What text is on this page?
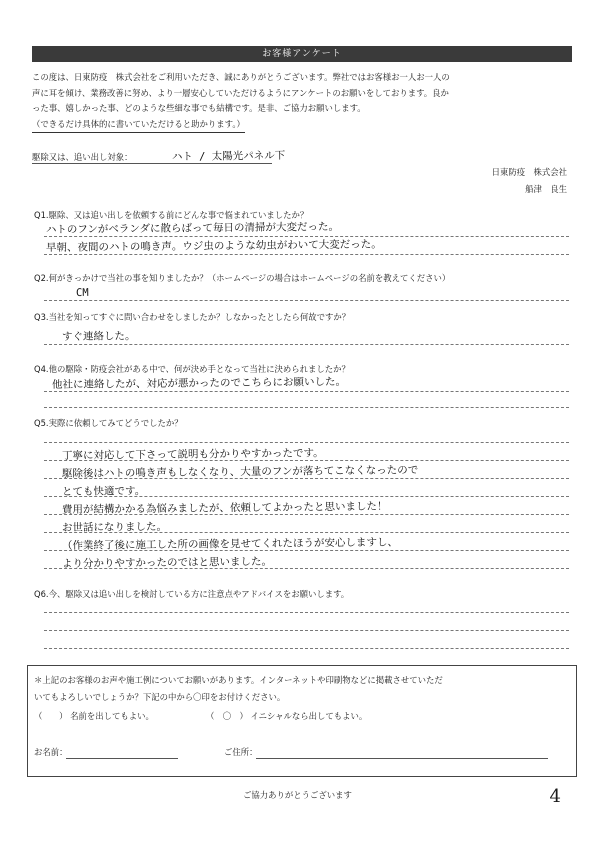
お客様アンケート
この度は、日東防疫　株式会社をご利用いただき、誠にありがとうございます。弊社ではお客様お一人お一人の
声に耳を傾け、業務改善に努め、より一層安心していただけるようにアンケートのお願いをしております。良か
った事、嬉しかった事、どのような些細な事でも結構です。是非、ご協力お願いします。
（できるだけ具体的に書いていただけると助かります。）
駆除又は、追い出し対象：	ハト / 太陽光パネル下
日東防疫　株式会社
船津　良生
Q1.駆除、又は追い出しを依頼する前にどんな事で悩まれていましたか？
ハトのフンがベランダに散らばって毎日の清掃が大変だった。
早朝、夜間のハトの鳴き声。ウジ虫のような幼虫がわいて大変だった。
Q2.何がきっかけで当社の事を知りましたか？（ホームページの場合はホームページの名前を教えてください）
CM
Q3.当社を知ってすぐに問い合わせをしましたか？しなかったとしたら何故ですか？
すぐ連絡した。
Q4.他の駆除・防疫会社がある中で、何が決め手となって当社に決められましたか？
他社に連絡したが、対応が悪かったのでこちらにお願いした。
Q5.実際に依頼してみてどうでしたか？
丁寧に対応して下さって説明も分かりやすかったです。
駆除後はハトの鳴き声もしなくなり、大量のフンが落ちてこなくなったので
とても快適です。
費用が結構かかる為悩みましたが、依頼してよかったと思いました！
お世話になりました。
（作業終了後に施工した所の画像を見せてくれたほうが安心しますし、
より分かりやすかったのではと思いました。
Q6.今、駆除又は追い出しを検討している方に注意点やアドバイスをお願いします。
＊上記のお客様のお声や施工例についてお願いがあります。インターネットや印刷物などに掲載させていただ
いてもよろしいでしょうか？下記の中から〇印をお付けください。
（　　） 名前を出してもよい。	（　〇　） イニシャルなら出してもよい。
お名前：	ご住所：
ご協力ありがとうございます	4
